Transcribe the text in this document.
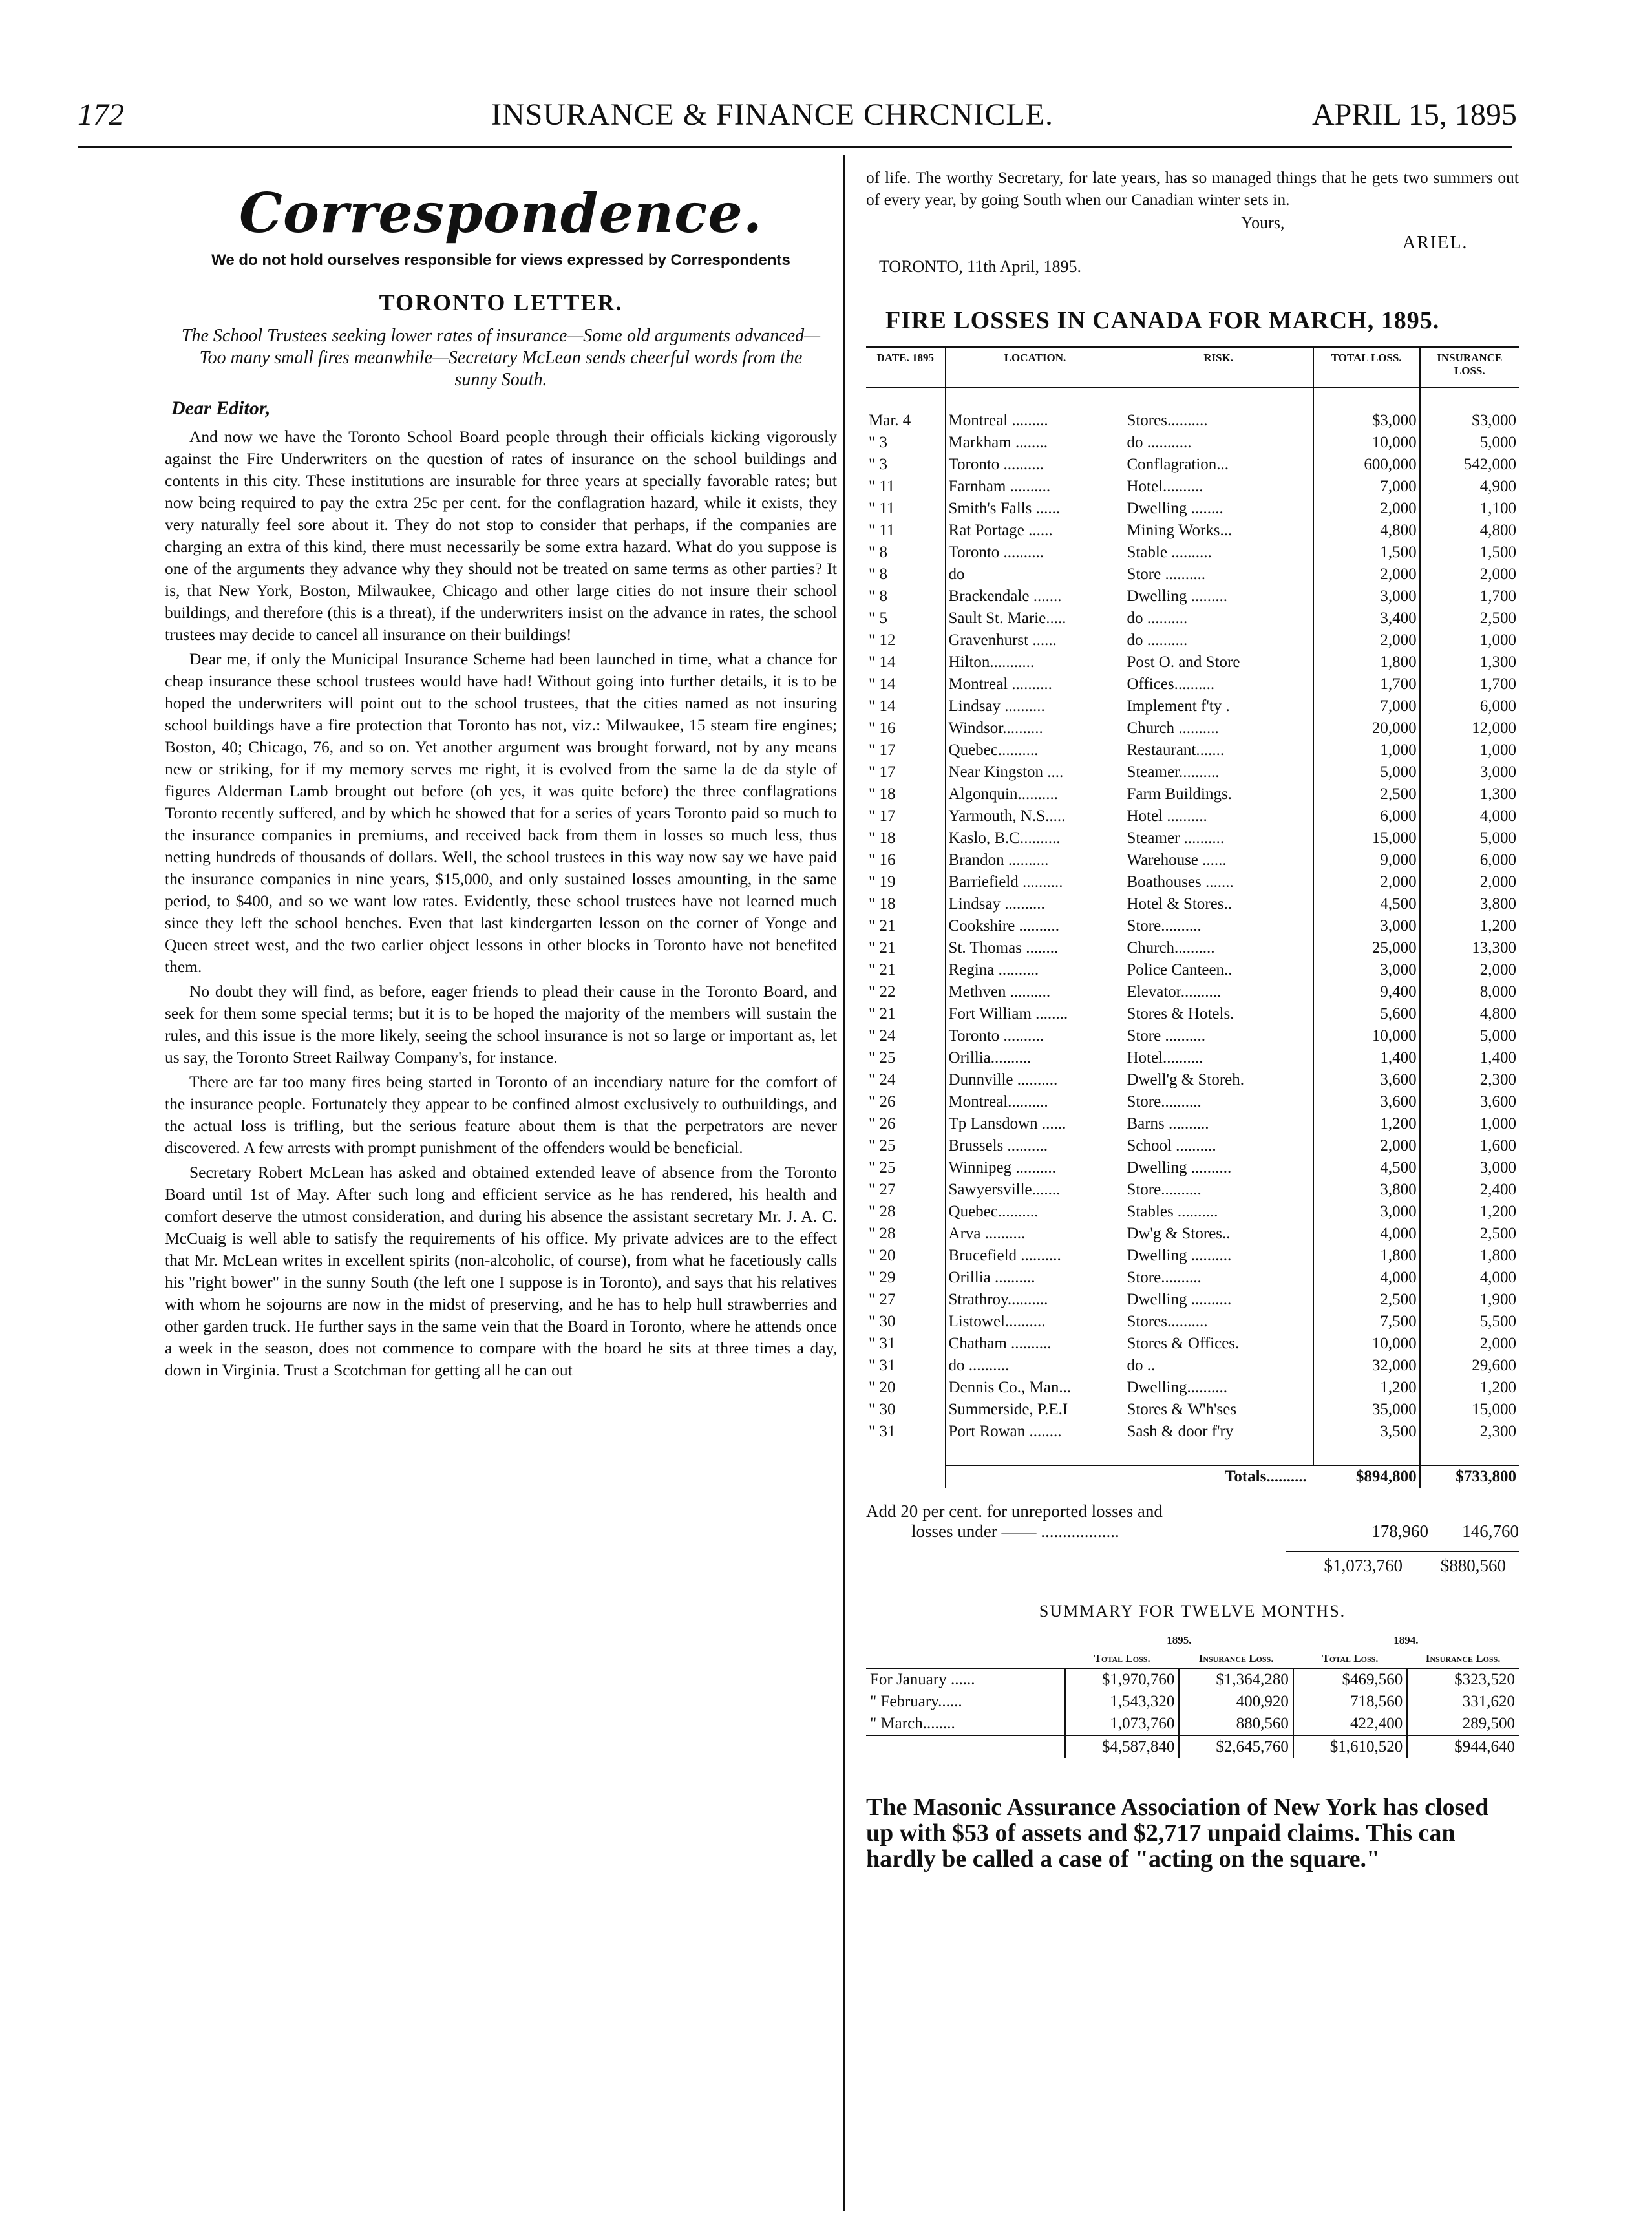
172	INSURANCE & FINANCE CHRCNICLE.	APRIL 15, 1895
Correspondence.
We do not hold ourselves responsible for views expressed by Correspondents
TORONTO LETTER.
The School Trustees seeking lower rates of insurance—Some old arguments advanced—Too many small fires meanwhile—Secretary McLean sends cheerful words from the sunny South.
Dear Editor,

And now we have the Toronto School Board people through their officials kicking vigorously against the Fire Underwriters on the question of rates of insurance on the school buildings and contents in this city. These institutions are insurable for three years at specially favorable rates; but now being required to pay the extra 25c per cent. for the conflagration hazard, while it exists, they very naturally feel sore about it. They do not stop to consider that perhaps, if the companies are charging an extra of this kind, there must necessarily be some extra hazard. What do you suppose is one of the arguments they advance why they should not be treated on same terms as other parties? It is, that New York, Boston, Milwaukee, Chicago and other large cities do not insure their school buildings, and therefore (this is a threat), if the underwriters insist on the advance in rates, the school trustees may decide to cancel all insurance on their buildings!

Dear me, if only the Municipal Insurance Scheme had been launched in time, what a chance for cheap insurance these school trustees would have had! Without going into further details, it is to be hoped the underwriters will point out to the school trustees, that the cities named as not insuring school buildings have a fire protection that Toronto has not, viz.: Milwaukee, 15 steam fire engines; Boston, 40; Chicago, 76, and so on. Yet another argument was brought forward, not by any means new or striking, for if my memory serves me right, it is evolved from the same la de da style of figures Alderman Lamb brought out before (oh yes, it was quite before) the three conflagrations Toronto recently suffered, and by which he showed that for a series of years Toronto paid so much to the insurance companies in premiums, and received back from them in losses so much less, thus netting hundreds of thousands of dollars. Well, the school trustees in this way now say we have paid the insurance companies in nine years, $15,000, and only sustained losses amounting, in the same period, to $400, and so we want low rates. Evidently, these school trustees have not learned much since they left the school benches. Even that last kindergarten lesson on the corner of Yonge and Queen street west, and the two earlier object lessons in other blocks in Toronto have not benefited them.

No doubt they will find, as before, eager friends to plead their cause in the Toronto Board, and seek for them some special terms; but it is to be hoped the majority of the members will sustain the rules, and this issue is the more likely, seeing the school insurance is not so large or important as, let us say, the Toronto Street Railway Company's, for instance.

There are far too many fires being started in Toronto of an incendiary nature for the comfort of the insurance people. Fortunately they appear to be confined almost exclusively to outbuildings, and the actual loss is trifling, but the serious feature about them is that the perpetrators are never discovered. A few arrests with prompt punishment of the offenders would be beneficial.

Secretary Robert McLean has asked and obtained extended leave of absence from the Toronto Board until 1st of May. After such long and efficient service as he has rendered, his health and comfort deserve the utmost consideration, and during his absence the assistant secretary Mr. J. A. C. McCuaig is well able to satisfy the requirements of his office. My private advices are to the effect that Mr. McLean writes in excellent spirits (non-alcoholic, of course), from what he facetiously calls his "right bower" in the sunny South (the left one I suppose is in Toronto), and says that his relatives with whom he sojourns are now in the midst of preserving, and he has to help hull strawberries and other garden truck. He further says in the same vein that the Board in Toronto, where he attends once a week in the season, does not commence to compare with the board he sits at three times a day, down in Virginia. Trust a Scotchman for getting all he can out

of life. The worthy Secretary, for late years, has so managed things that he gets two summers out of every year, by going South when our Canadian winter sets in.

Yours,
ARIEL.
TORONTO, 11th April, 1895.
FIRE LOSSES IN CANADA FOR MARCH, 1895.
DATE. 1895	LOCATION.	RISK.	TOTAL LOSS.	INSURANCE LOSS.

Mar. 4	Montreal .........	Stores..........	$3,000	$3,000
" 3	Markham ........	do ...........	10,000	5,000
" 3	Toronto ..........	Conflagration...	600,000	542,000
" 11	Farnham ..........	Hotel..........	7,000	4,900
" 11	Smith's Falls ......	Dwelling ........	2,000	1,100
" 11	Rat Portage ......	Mining Works...	4,800	4,800
" 8	Toronto ..........	Stable ..........	1,500	1,500
" 8	do	Store ..........	2,000	2,000
" 8	Brackendale .......	Dwelling .........	3,000	1,700
" 5	Sault St. Marie.....	do ..........	3,400	2,500
" 12	Gravenhurst ......	do ..........	2,000	1,000
" 14	Hilton...........	Post O. and Store	1,800	1,300
" 14	Montreal ..........	Offices..........	1,700	1,700
" 14	Lindsay ..........	Implement f'ty .	7,000	6,000
" 16	Windsor..........	Church ..........	20,000	12,000
" 17	Quebec..........	Restaurant.......	1,000	1,000
" 17	Near Kingston ....	Steamer..........	5,000	3,000
" 18	Algonquin..........	Farm Buildings.	2,500	1,300
" 17	Yarmouth, N.S.....	Hotel ..........	6,000	4,000
" 18	Kaslo, B.C..........	Steamer ..........	15,000	5,000
" 16	Brandon ..........	Warehouse ......	9,000	6,000
" 19	Barriefield ..........	Boathouses .......	2,000	2,000
" 18	Lindsay ..........	Hotel & Stores..	4,500	3,800
" 21	Cookshire ..........	Store..........	3,000	1,200
" 21	St. Thomas ........	Church..........	25,000	13,300
" 21	Regina ..........	Police Canteen..	3,000	2,000
" 22	Methven ..........	Elevator..........	9,400	8,000
" 21	Fort William ........	Stores & Hotels.	5,600	4,800
" 24	Toronto ..........	Store ..........	10,000	5,000
" 25	Orillia..........	Hotel..........	1,400	1,400
" 24	Dunnville ..........	Dwell'g & Storeh.	3,600	2,300
" 26	Montreal..........	Store..........	3,600	3,600
" 26	Tp Lansdown ......	Barns ..........	1,200	1,000
" 25	Brussels ..........	School ..........	2,000	1,600
" 25	Winnipeg ..........	Dwelling ..........	4,500	3,000
" 27	Sawyersville.......	Store..........	3,800	2,400
" 28	Quebec..........	Stables ..........	3,000	1,200
" 28	Arva ..........	Dw'g & Stores..	4,000	2,500
" 20	Brucefield ..........	Dwelling ..........	1,800	1,800
" 29	Orillia ..........	Store..........	4,000	4,000
" 27	Strathroy..........	Dwelling ..........	2,500	1,900
" 30	Listowel..........	Stores..........	7,500	5,500
" 31	Chatham ..........	Stores & Offices.	10,000	2,000
" 31	do ..........	do ..	32,000	29,600
" 20	Dennis Co., Man...	Dwelling..........	1,200	1,200
" 30	Summerside, P.E.I	Stores & W'h'ses	35,000	15,000
" 31	Port Rowan ........	Sash & door f'ry	3,500	2,300

	Totals..........		$894,800	$733,800
Add 20 per cent. for unreported losses and
losses under —— ..................	178,960	146,760
$1,073,760	$880,560
SUMMARY FOR TWELVE MONTHS.
	1895.		1894.	
	Total Loss.	Insurance Loss.	Total Loss.	Insurance Loss.
For January ......	$1,970,760	$1,364,280	$469,560	$323,520
" February......	1,543,320	400,920	718,560	331,620
" March........	1,073,760	880,560	422,400	289,500
	$4,587,840	$2,645,760	$1,610,520	$944,640

The Masonic Assurance Association of New York has closed up with $53 of assets and $2,717 unpaid claims. This can hardly be called a case of "acting on the square."
